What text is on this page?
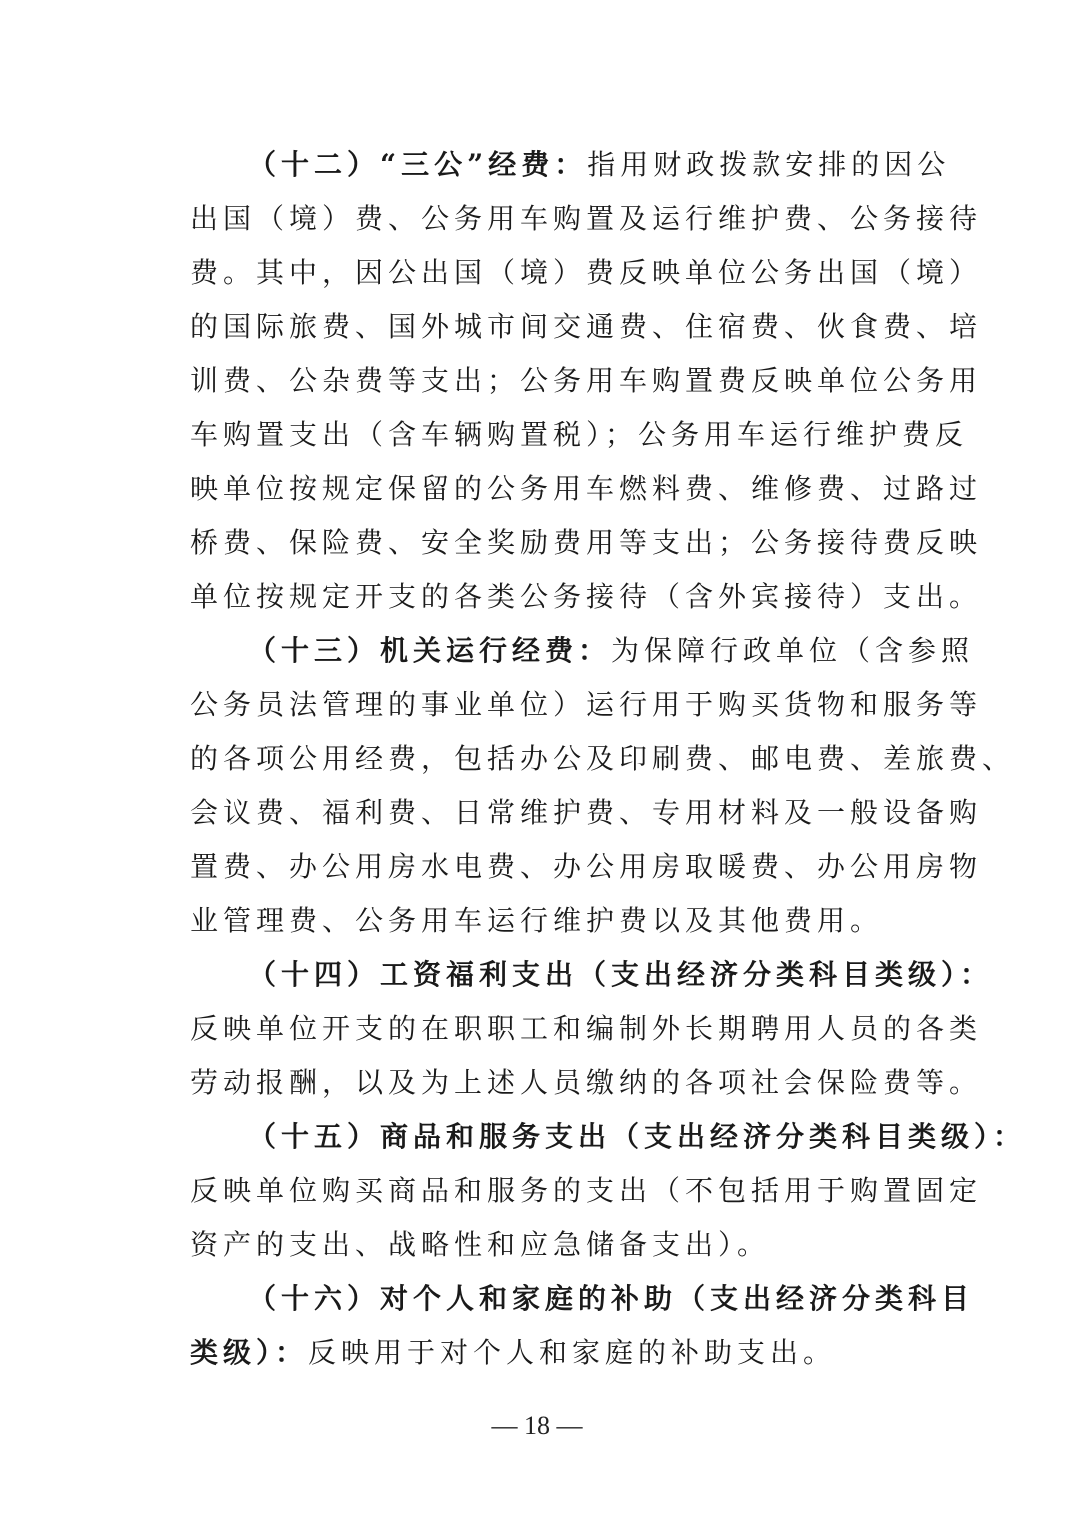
（十二）“三公”经费：指用财政拨款安排的因公
出国（境）费、公务用车购置及运行维护费、公务接待
费。其中，因公出国（境）费反映单位公务出国（境）
的国际旅费、国外城市间交通费、住宿费、伙食费、培
训费、公杂费等支出；公务用车购置费反映单位公务用
车购置支出（含车辆购置税）；公务用车运行维护费反
映单位按规定保留的公务用车燃料费、维修费、过路过
桥费、保险费、安全奖励费用等支出；公务接待费反映
单位按规定开支的各类公务接待（含外宾接待）支出。
（十三）机关运行经费：为保障行政单位（含参照
公务员法管理的事业单位）运行用于购买货物和服务等
的各项公用经费，包括办公及印刷费、邮电费、差旅费、
会议费、福利费、日常维护费、专用材料及一般设备购
置费、办公用房水电费、办公用房取暖费、办公用房物
业管理费、公务用车运行维护费以及其他费用。
（十四）工资福利支出（支出经济分类科目类级）：
反映单位开支的在职职工和编制外长期聘用人员的各类
劳动报酬，以及为上述人员缴纳的各项社会保险费等。
（十五）商品和服务支出（支出经济分类科目类级）：
反映单位购买商品和服务的支出（不包括用于购置固定
资产的支出、战略性和应急储备支出）。
（十六）对个人和家庭的补助（支出经济分类科目
类级）：反映用于对个人和家庭的补助支出。
— 18 —
